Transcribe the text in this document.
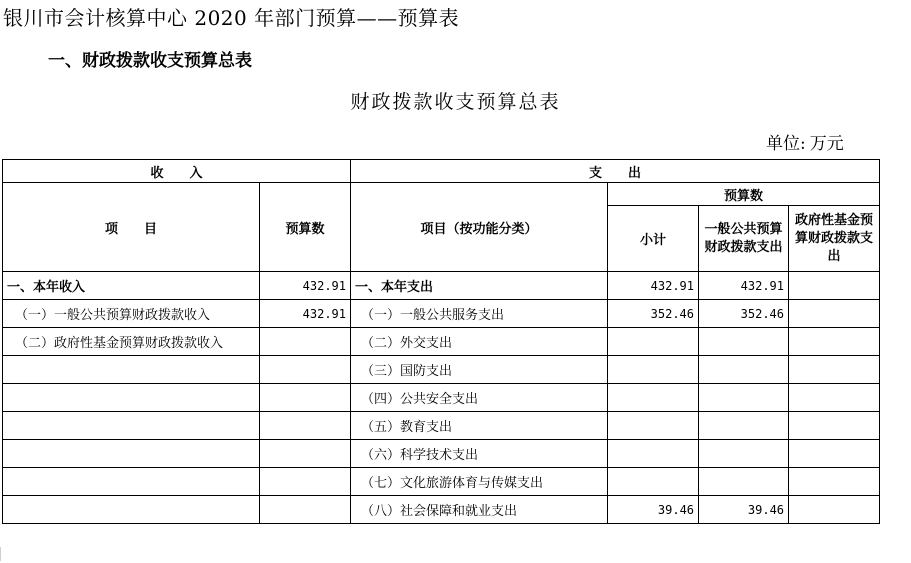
银川市会计核算中心 2020 年部门预算——预算表
一、财政拨款收支预算总表
财政拨款收支预算总表
单位: 万元
收　　入		支　　出			
项　　目	预算数	项目（按功能分类）	预算数		
			小计	一般公共预算财政拨款支出	政府性基金预算财政拨款支出
一、本年收入	432.91	一、本年支出	432.91	432.91	
（一）一般公共预算财政拨款收入	432.91	（一）一般公共服务支出	352.46	352.46	
（二）政府性基金预算财政拨款收入		（二）外交支出			
		（三）国防支出			
		（四）公共安全支出			
		（五）教育支出			
		（六）科学技术支出			
		（七）文化旅游体育与传媒支出			
		（八）社会保障和就业支出	39.46	39.46	
